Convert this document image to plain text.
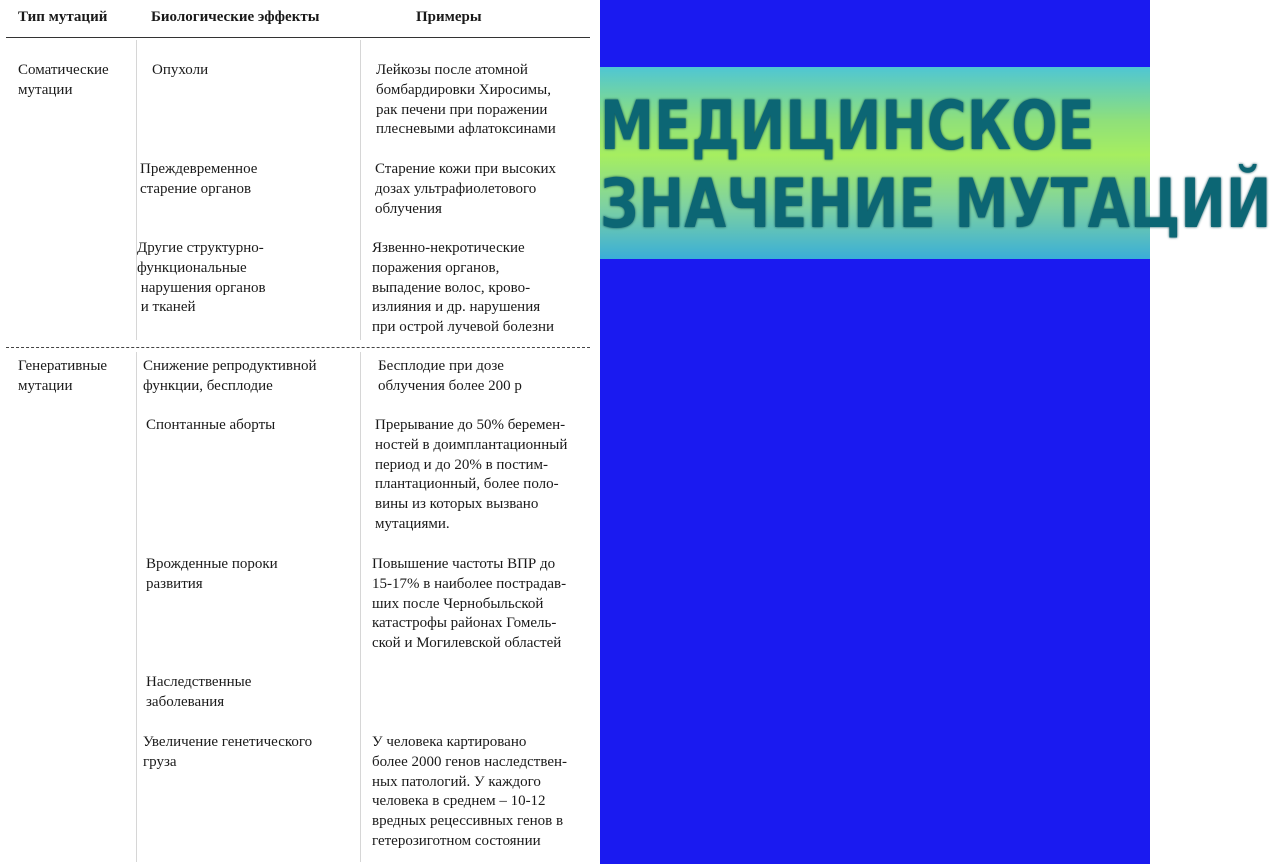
Тип мутаций	Биологические эффекты	Примеры
Соматические
мутации
Генеративные
мутации
Опухоли
Преждевременное
старение органов
Другие структурно-
функциональные
нарушения органов
и тканей
Снижение репродуктивной
функции, бесплодие
Спонтанные аборты
Врожденные пороки
развития
Наследственные
заболевания
Увеличение генетического
груза
Лейкозы после атомной
бомбардировки Хиросимы,
рак печени при поражении
плесневыми афлатоксинами
Старение кожи при высоких
дозах ультрафиолетового
облучения
Язвенно-некротические
поражения органов,
выпадение волос, крово-
излияния и др. нарушения
при острой лучевой болезни
Бесплодие при дозе
облучения более 200 р
Прерывание до 50% беремен-
ностей в доимплантационный
период и до 20% в постим-
плантационный, более поло-
вины из которых вызвано
мутациями.
Повышение частоты ВПР до
15-17% в наиболее пострадав-
ших после Чернобыльской
катастрофы районах Гомель-
ской и Могилевской областей
У человека картировано
более 2000 генов наследствен-
ных патологий. У каждого
человека в среднем – 10-12
вредных рецессивных генов в
гетерозиготном состоянии
МЕДИЦИНСКОЕ
ЗНАЧЕНИЕ МУТАЦИЙ
